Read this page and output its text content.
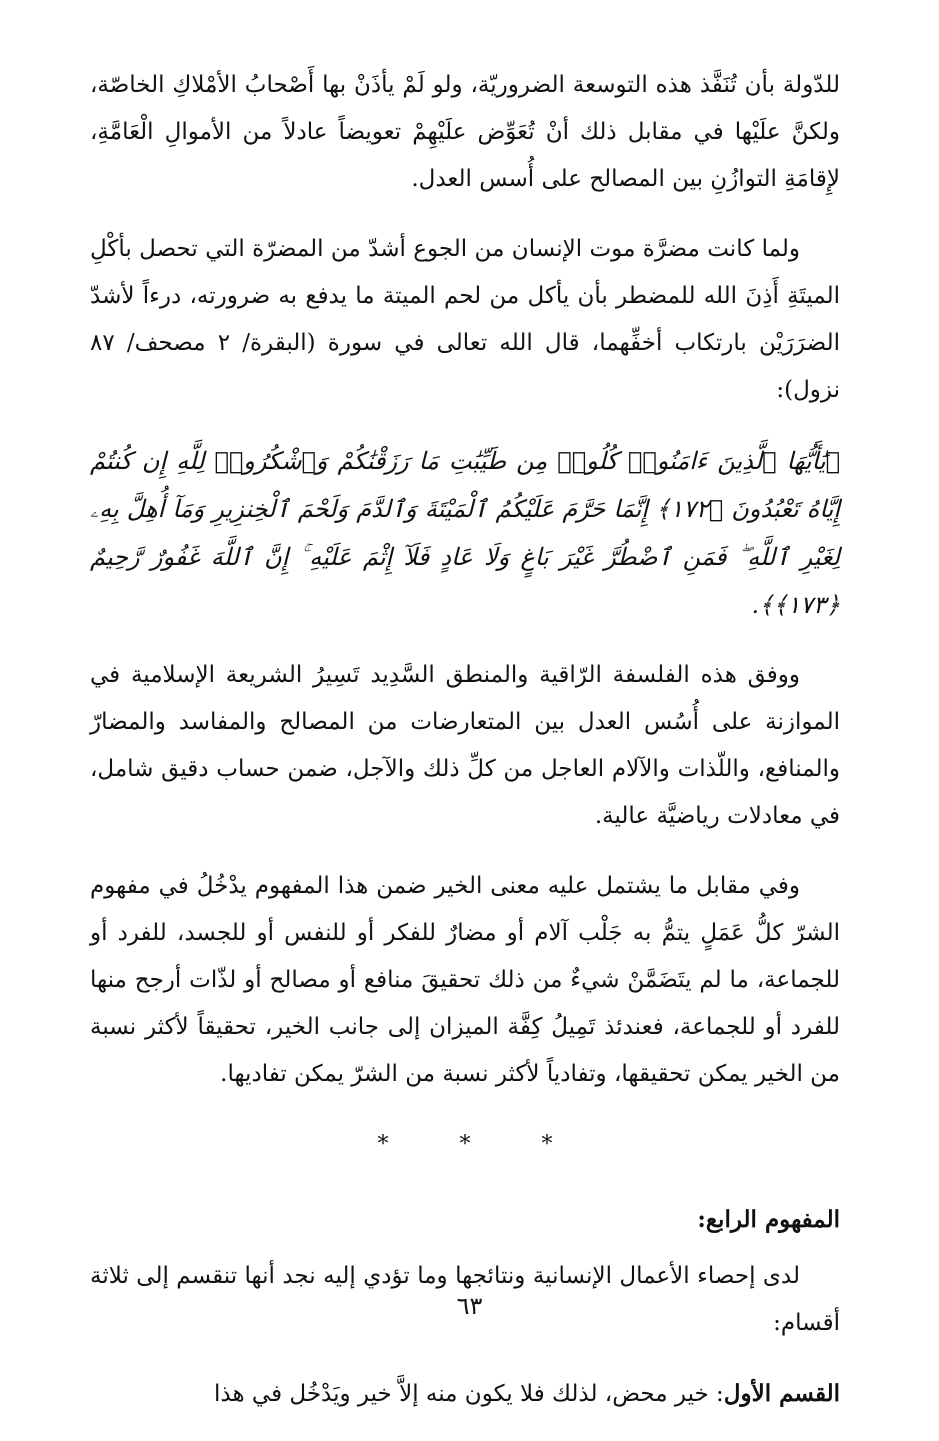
للدّولة بأن تُنَفَّذ هذه التوسعة الضروريّة، ولو لَمْ يأذَنْ بها أَصْحابُ الأمْلاكِ الخاصّة، ولكنَّ علَيْها في مقابل ذلك أنْ تُعَوِّض علَيْهِمْ تعويضاً عادلاً من الأموالِ الْعَامَّةِ، لإِقامَةِ التوازُنِ بين المصالح على أُسس العدل.

ولما كانت مضرَّة موت الإنسان من الجوع أشدّ من المضرّة التي تحصل بأكْلِ الميتَةِ أَذِنَ الله للمضطر بأن يأكل من لحم الميتة ما يدفع به ضرورته، درءاً لأشدّ الضرَرَيْن بارتكاب أخفِّهما، قال الله تعالى في سورة (البقرة/ ٢ مصحف/ ٨٧ نزول):

﴿يَٰأَيُّهَا ٱلَّذِينَ ءَامَنُوا۟ كُلُوا۟ مِن طَيِّبَٰتِ مَا رَزَقْنَٰكُمْ وَٱشْكُرُوا۟ لِلَّهِ إِن كُنتُمْ إِيَّاهُ تَعْبُدُونَ ﴿١٧٢﴾ إِنَّمَا حَرَّمَ عَلَيْكُمُ ٱلْمَيْتَةَ وَٱلدَّمَ وَلَحْمَ ٱلْخِنزِيرِ وَمَآ أُهِلَّ بِهِۦ لِغَيْرِ ٱللَّهِ ۖ فَمَنِ ٱضْطُرَّ غَيْرَ بَاغٍ وَلَا عَادٍ فَلَآ إِثْمَ عَلَيْهِ ۚ إِنَّ ٱللَّهَ غَفُورٌ رَّحِيمٌ ﴿١٧٣﴾﴾.

ووفق هذه الفلسفة الرّاقية والمنطق السَّدِيد تَسِيرُ الشريعة الإسلامية في الموازنة على أُسُس العدل بين المتعارضات من المصالح والمفاسد والمضارّ والمنافع، واللّذات والآلام العاجل من كلِّ ذلك والآجل، ضمن حساب دقيق شامل، في معادلات رياضيَّة عالية.

وفي مقابل ما يشتمل عليه معنى الخير ضمن هذا المفهوم يدْخُلُ في مفهوم الشرّ كلُّ عَمَلٍ يتمُّ به جَلْب آلام أو مضارٌ للفكر أو للنفس أو للجسد، للفرد أو للجماعة، ما لم يتَضَمَّنْ شيءٌ من ذلك تحقيقَ منافع أو مصالح أو لذّات أرجح منها للفرد أو للجماعة، فعندئذ تَمِيلُ كِفَّة الميزان إلى جانب الخير، تحقيقاً لأكثر نسبة من الخير يمكن تحقيقها، وتفادياً لأكثر نسبة من الشرّ يمكن تفاديها.

* * *

المفهوم الرابع:

لدى إحصاء الأعمال الإنسانية ونتائجها وما تؤدي إليه نجد أنها تنقسم إلى ثلاثة أقسام:

القسم الأول: خير محض، لذلك فلا يكون منه إلاَّ خير ويَدْخُل في هذا

٦٣
